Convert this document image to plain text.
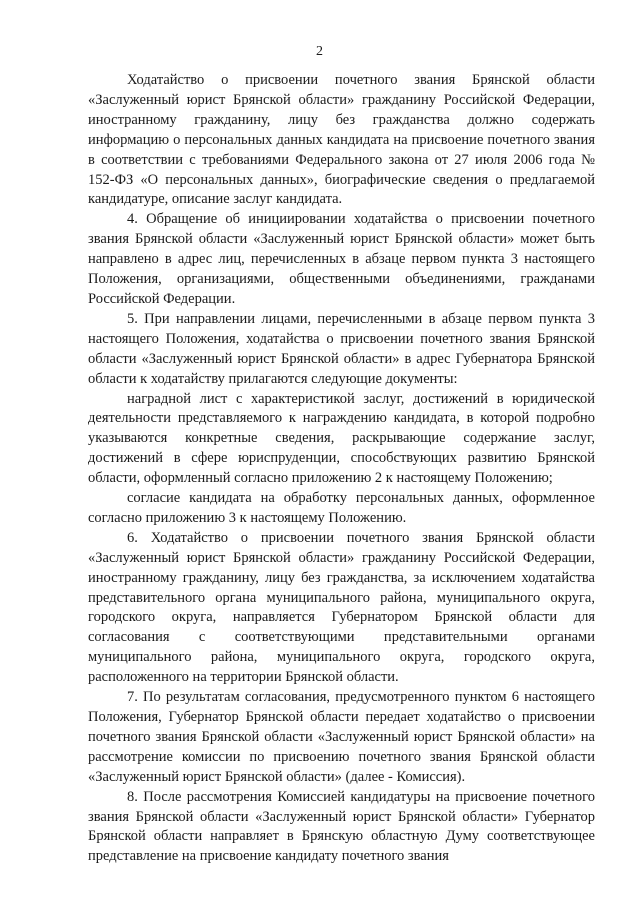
2

Ходатайство о присвоении почетного звания Брянской области «Заслуженный юрист Брянской области» гражданину Российской Федерации, иностранному гражданину, лицу без гражданства должно содержать информацию о персональных данных кандидата на присвоение почетного звания в соответствии с требованиями Федерального закона от 27 июля 2006 года № 152-ФЗ «О персональных данных», биографические сведения о предлагаемой кандидатуре, описание заслуг кандидата.

4. Обращение об инициировании ходатайства о присвоении почетного звания Брянской области «Заслуженный юрист Брянской области» может быть направлено в адрес лиц, перечисленных в абзаце первом пункта 3 настоящего Положения, организациями, общественными объединениями, гражданами Российской Федерации.

5. При направлении лицами, перечисленными в абзаце первом пункта 3 настоящего Положения, ходатайства о присвоении почетного звания Брянской области «Заслуженный юрист Брянской области» в адрес Губернатора Брянской области к ходатайству прилагаются следующие документы:

наградной лист с характеристикой заслуг, достижений в юридической деятельности представляемого к награждению кандидата, в которой подробно указываются конкретные сведения, раскрывающие содержание заслуг, достижений в сфере юриспруденции, способствующих развитию Брянской области, оформленный согласно приложению 2 к настоящему Положению;

согласие кандидата на обработку персональных данных, оформленное согласно приложению 3 к настоящему Положению.

6. Ходатайство о присвоении почетного звания Брянской области «Заслуженный юрист Брянской области» гражданину Российской Федерации, иностранному гражданину, лицу без гражданства, за исключением ходатайства представительного органа муниципального района, муниципального округа, городского округа, направляется Губернатором Брянской области для согласования с соответствующими представительными органами муниципального района, муниципального округа, городского округа, расположенного на территории Брянской области.

7. По результатам согласования, предусмотренного пунктом 6 настоящего Положения, Губернатор Брянской области передает ходатайство о присвоении почетного звания Брянской области «Заслуженный юрист Брянской области» на рассмотрение комиссии по присвоению почетного звания Брянской области «Заслуженный юрист Брянской области» (далее - Комиссия).

8. После рассмотрения Комиссией кандидатуры на присвоение почетного звания Брянской области «Заслуженный юрист Брянской области» Губернатор Брянской области направляет в Брянскую областную Думу соответствующее представление на присвоение кандидату почетного звания
